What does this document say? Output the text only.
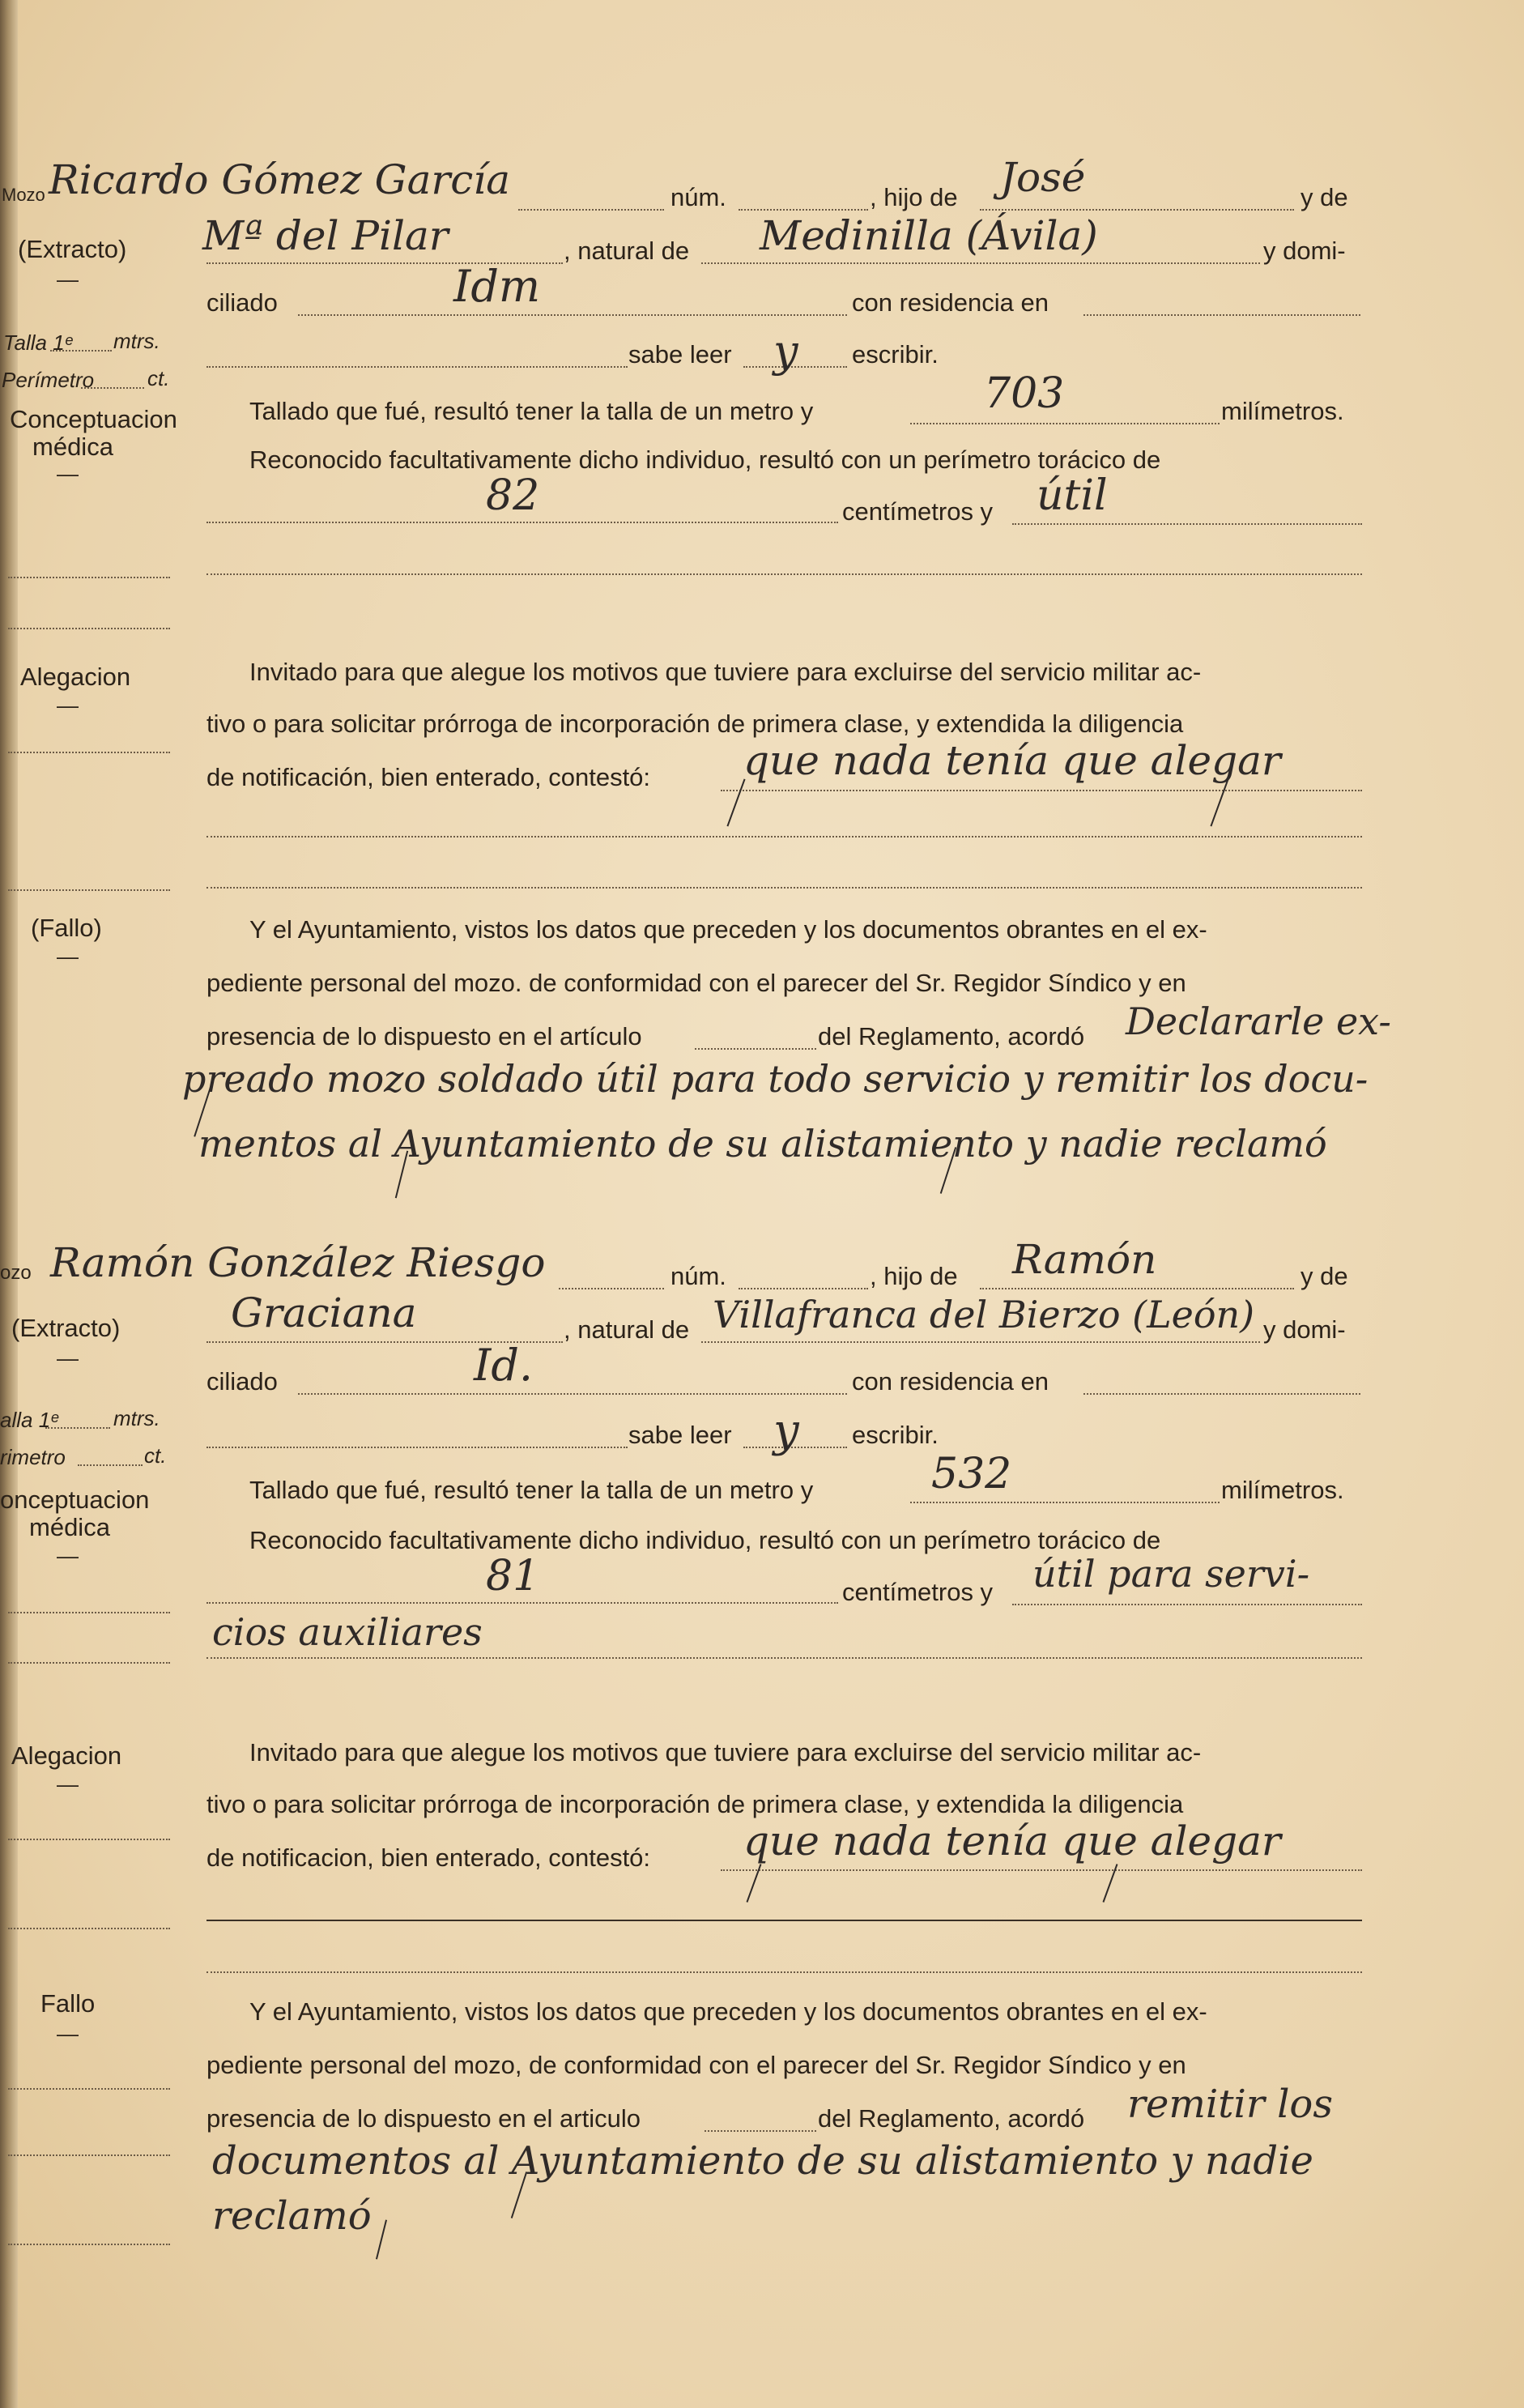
Mozo
(Extracto)
—
Talla 1ᵉ mtrs.
Perímetro	ct.
Conceptuacion
médica
—
Alegacion
—
(Fallo)
—
Ricardo Gómez García	núm.	, hijo de José	y de
Mª del Pilar	, natural de Medinilla (Ávila)	y domi-
ciliado	Idm	con residencia en
sabe leer y escribir.
Tallado que fué, resultó tener la talla de un metro y	703	milímetros.
Reconocido facultativamente dicho individuo, resultó con un perímetro torácico de
82	centímetros y útil
Invitado para que alegue los motivos que tuviere para excluirse del servicio militar ac-
tivo o para solicitar prórroga de incorporación de primera clase, y extendida la diligencia
de notificación, bien enterado, contestó: que nada tenía que alegar
Y el Ayuntamiento, vistos los datos que preceden y los documentos obrantes en el ex-
pediente personal del mozo. de conformidad con el parecer del Sr. Regidor Síndico y en
presencia de lo dispuesto en el artículo	del Reglamento, acordó Declararle ex-
preado mozo soldado útil para todo servicio y remitir los docu-
mentos al Ayuntamiento de su alistamiento y nadie reclamó
ozo
(Extracto)
—
alla 1ᵉ	mtrs.
rimetro	ct.
onceptuacion
médica
—
Alegacion
—
Fallo
—
Ramón González Riesgo	núm.	, hijo de Ramón	y de
Graciana	, natural de Villafranca del Bierzo (León) y domi-
ciliado	Id.	con residencia en
sabe leer y escribir.
Tallado que fué, resultó tener la talla de un metro y	532	milímetros.
Reconocido facultativamente dicho individuo, resultó con un perímetro torácico de
81	centímetros y útil para servi-
cios auxiliares
Invitado para que alegue los motivos que tuviere para excluirse del servicio militar ac-
tivo o para solicitar prórroga de incorporación de primera clase, y extendida la diligencia
de notificacion, bien enterado, contestó: que nada tenía que alegar
Y el Ayuntamiento, vistos los datos que preceden y los documentos obrantes en el ex-
pediente personal del mozo, de conformidad con el parecer del Sr. Regidor Síndico y en
presencia de lo dispuesto en el articulo	del Reglamento, acordó remitir los
documentos al Ayuntamiento de su alistamiento y nadie
reclamó
